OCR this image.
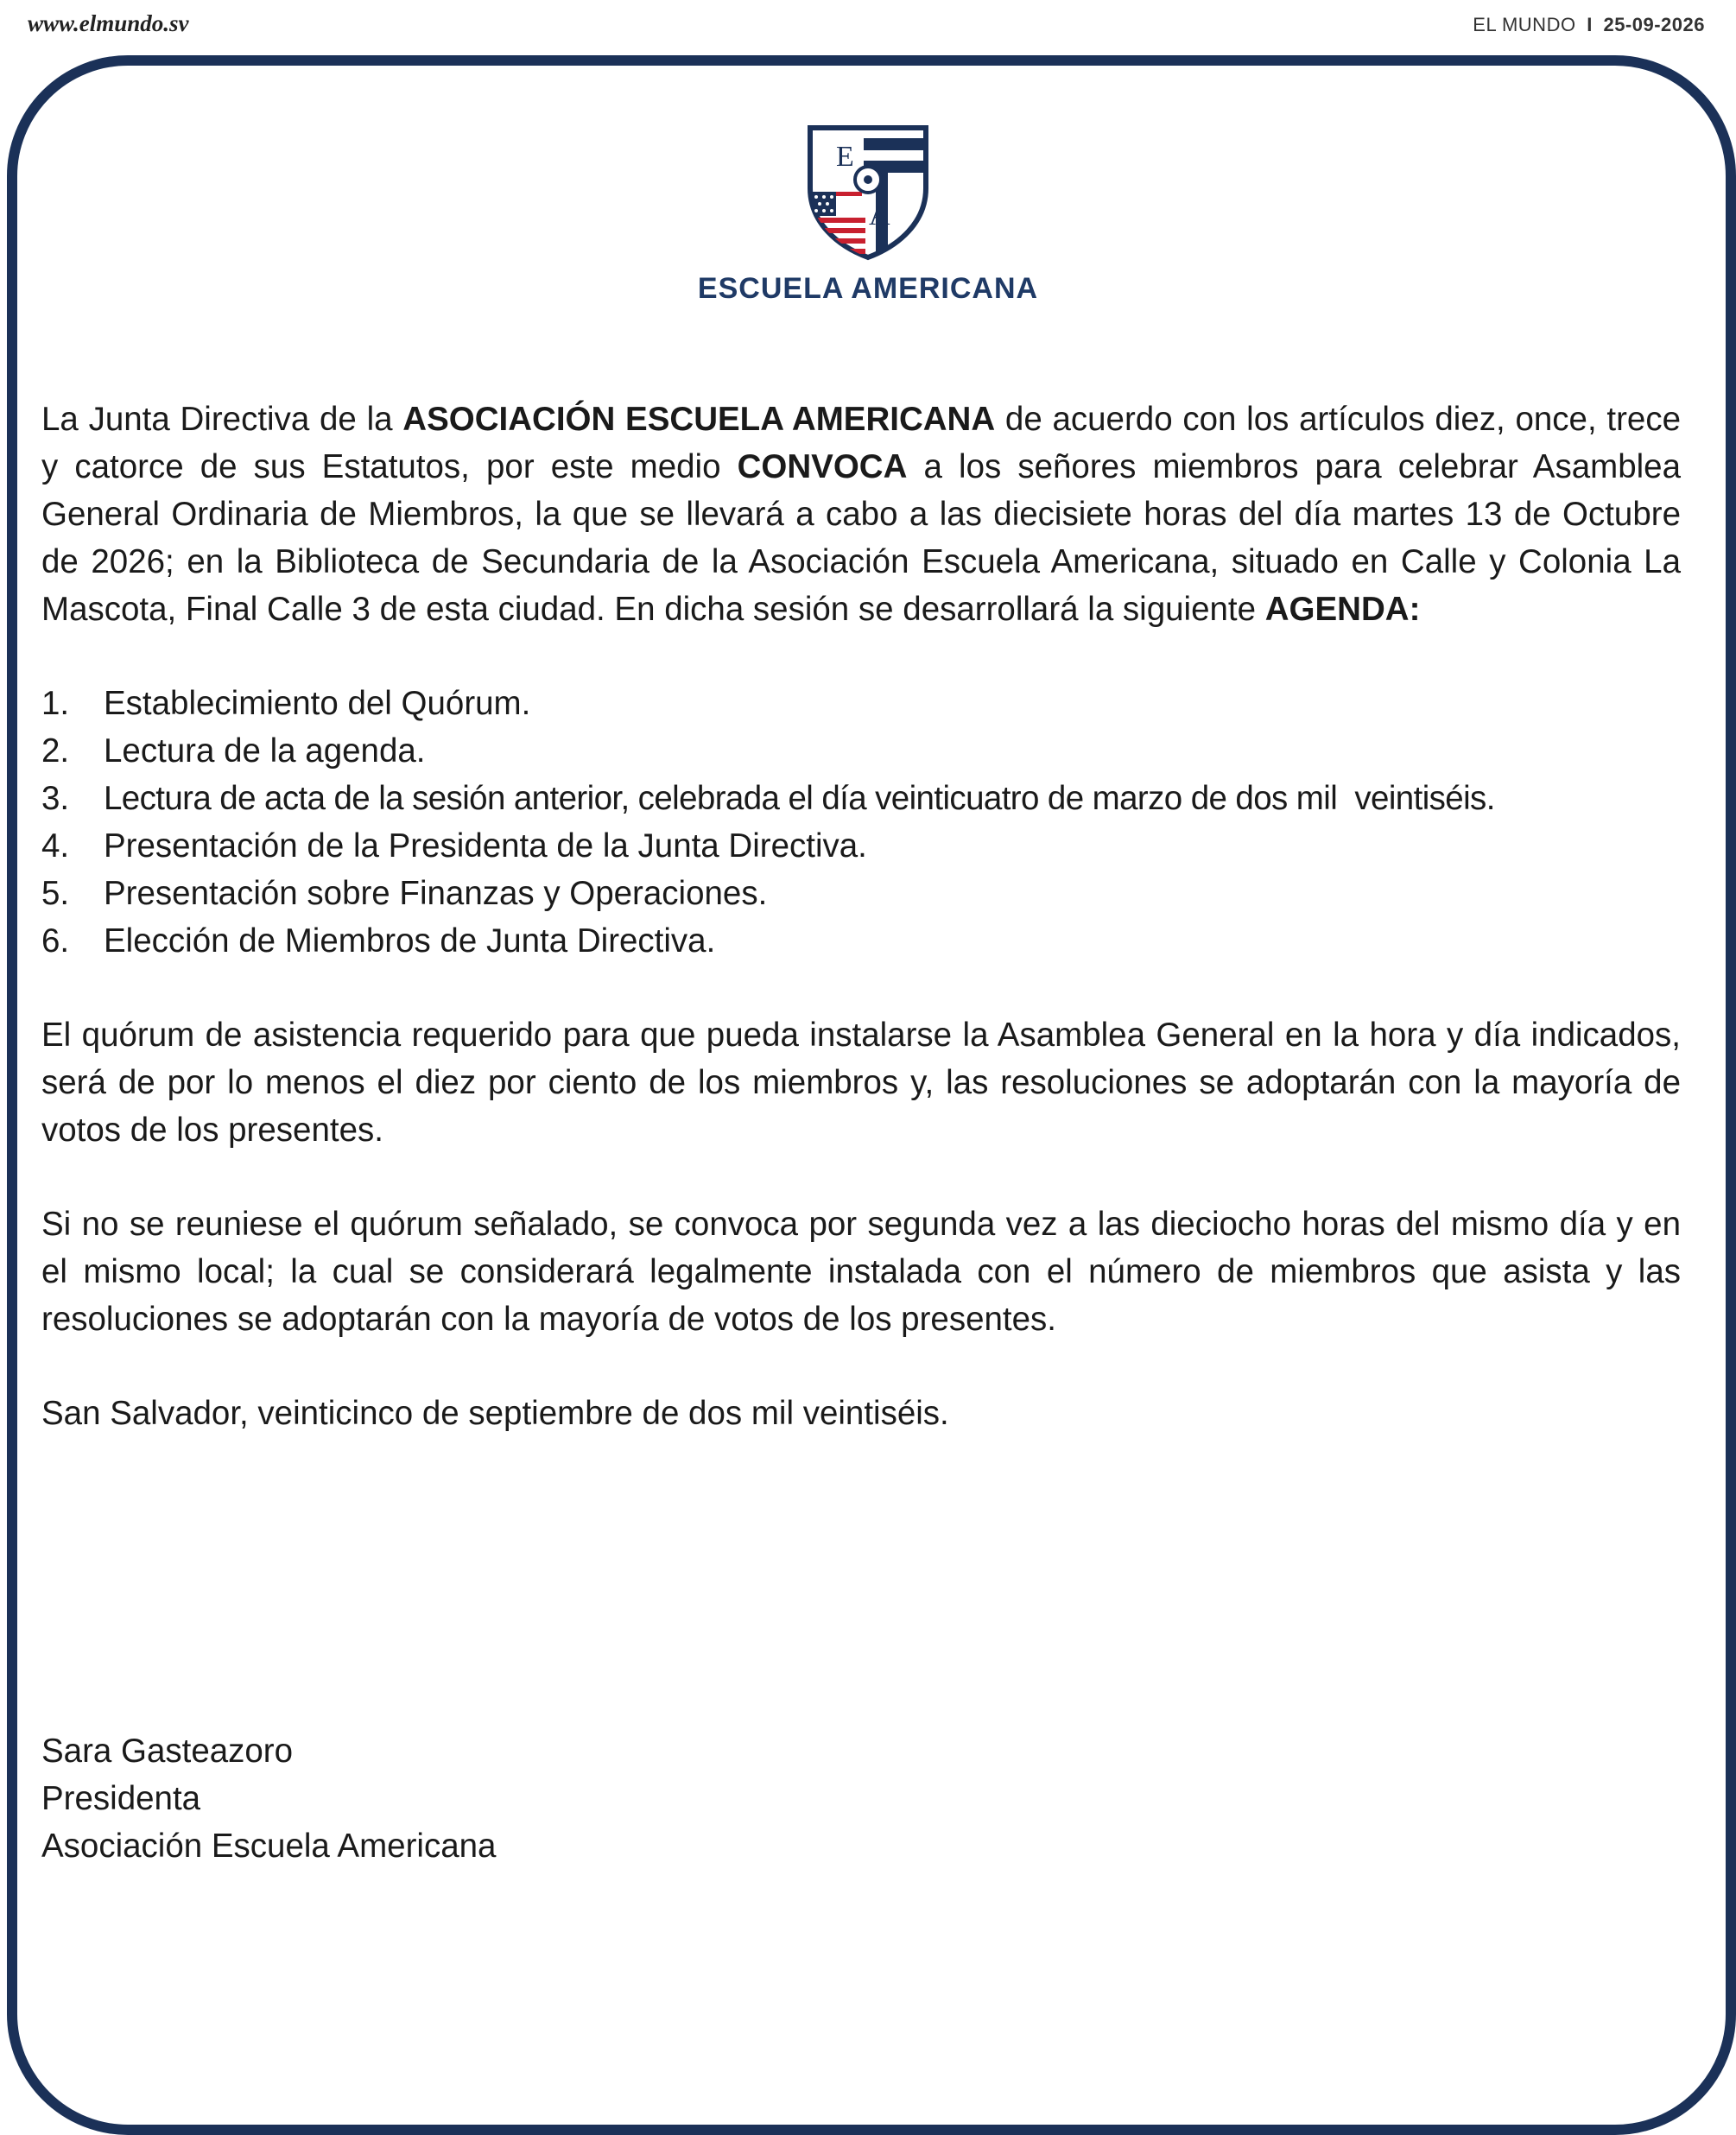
www.elmundo.sv	EL MUNDO I 25-09-2026
E
A
ESCUELA AMERICANA

La Junta Directiva de la ASOCIACIÓN ESCUELA AMERICANA de acuerdo con los artículos diez, once, trece y catorce de sus Estatutos, por este medio CONVOCA a los señores miembros para celebrar Asamblea General Ordinaria de Miembros, la que se llevará a cabo a las diecisiete horas del día martes 13 de Octubre de 2026; en la Biblioteca de Secundaria de la Asociación Escuela Americana, situado en Calle y Colonia La Mascota, Final Calle 3 de esta ciudad. En dicha sesión se desarrollará la siguiente AGENDA:

1.	Establecimiento del Quórum.
2.	Lectura de la agenda.
3.	Lectura de acta de la sesión anterior, celebrada el día veinticuatro de marzo de dos mil  veintiséis.
4.	Presentación de la Presidenta de la Junta Directiva.
5.	Presentación sobre Finanzas y Operaciones.
6.	Elección de Miembros de Junta Directiva.

El quórum de asistencia requerido para que pueda instalarse la Asamblea General en la hora y día indicados, será de por lo menos el diez por ciento de los miembros y, las resoluciones se adoptarán con la mayoría de votos de los presentes.

Si no se reuniese el quórum señalado, se convoca por segunda vez a las dieciocho horas del mismo día y en el mismo local; la cual se considerará legalmente instalada con el número de miembros que asista y las resoluciones se adoptarán con la mayoría de votos de los presentes.

San Salvador, veinticinco de septiembre de dos mil veintiséis.

Sara Gasteazoro
Presidenta
Asociación Escuela Americana
